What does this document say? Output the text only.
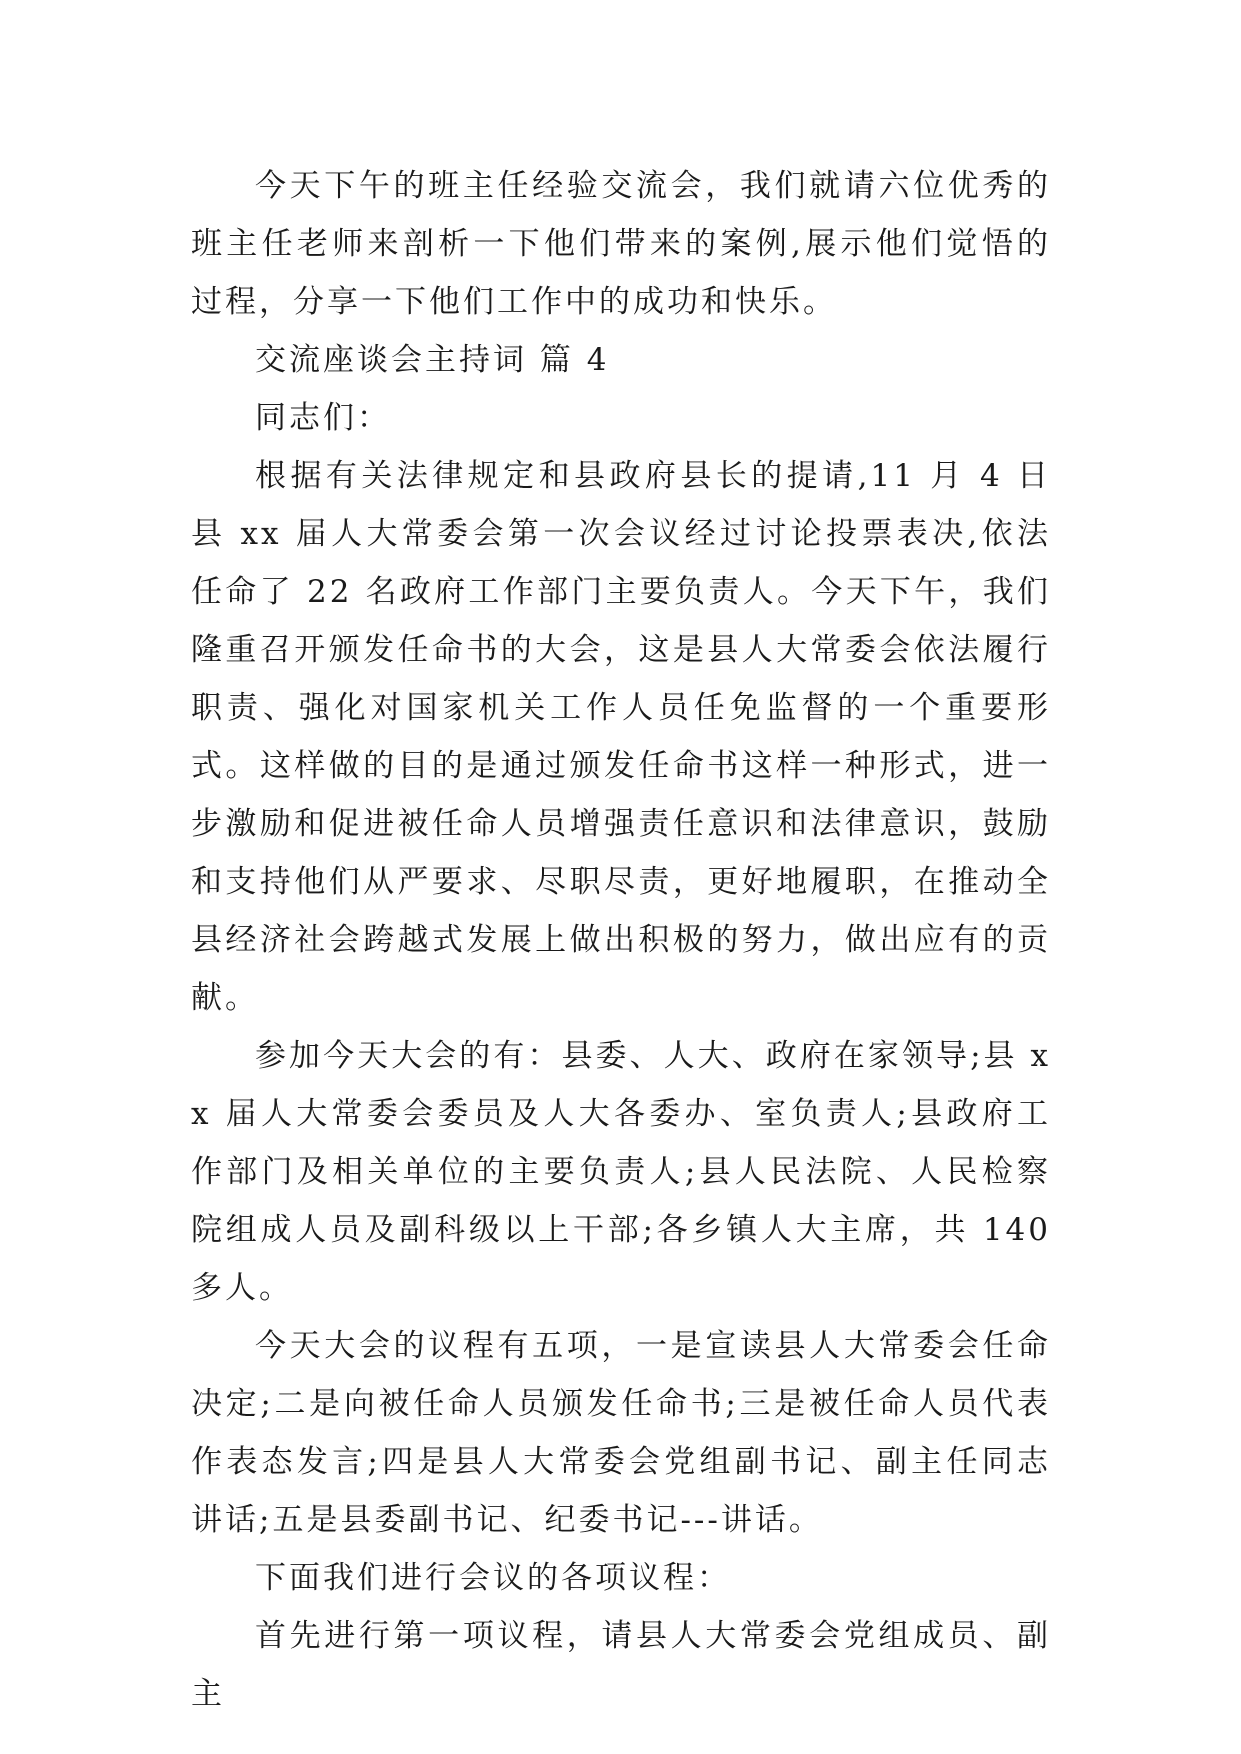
今天下午的班主任经验交流会，我们就请六位优秀的班主任老师来剖析一下他们带来的案例,展示他们觉悟的过程，分享一下他们工作中的成功和快乐。

交流座谈会主持词 篇 4

同志们：

根据有关法律规定和县政府县长的提请,11 月 4 日县 xx 届人大常委会第一次会议经过讨论投票表决,依法任命了 22 名政府工作部门主要负责人。今天下午，我们隆重召开颁发任命书的大会，这是县人大常委会依法履行职责、强化对国家机关工作人员任免监督的一个重要形式。这样做的目的是通过颁发任命书这样一种形式，进一步激励和促进被任命人员增强责任意识和法律意识，鼓励和支持他们从严要求、尽职尽责，更好地履职，在推动全县经济社会跨越式发展上做出积极的努力，做出应有的贡献。

参加今天大会的有：县委、人大、政府在家领导;县 xx 届人大常委会委员及人大各委办、室负责人;县政府工作部门及相关单位的主要负责人;县人民法院、人民检察院组成人员及副科级以上干部;各乡镇人大主席，共 140 多人。

今天大会的议程有五项，一是宣读县人大常委会任命决定;二是向被任命人员颁发任命书;三是被任命人员代表作表态发言;四是县人大常委会党组副书记、副主任同志讲话;五是县委副书记、纪委书记---讲话。

下面我们进行会议的各项议程：

首先进行第一项议程，请县人大常委会党组成员、副主
